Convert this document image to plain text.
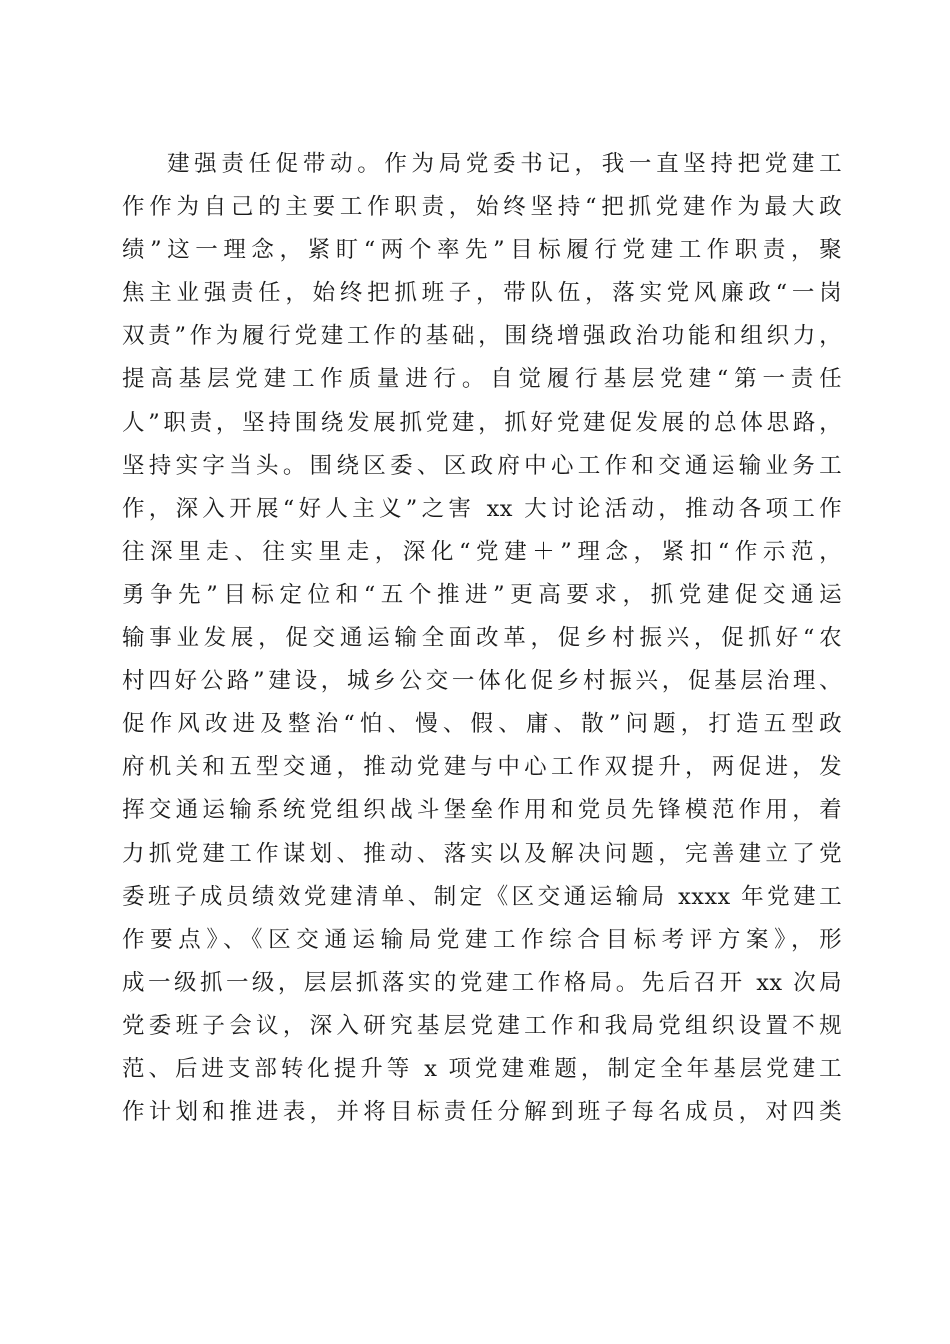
建强责任促带动。作为局党委书记，我一直坚持把党建工
作作为自己的主要工作职责，始终坚持“把抓党建作为最大政
绩”这一理念，紧盯“两个率先”目标履行党建工作职责，聚
焦主业强责任，始终把抓班子，带队伍，落实党风廉政“一岗
双责”作为履行党建工作的基础，围绕增强政治功能和组织力，
提高基层党建工作质量进行。自觉履行基层党建“第一责任
人”职责，坚持围绕发展抓党建，抓好党建促发展的总体思路，
坚持实字当头。围绕区委、区政府中心工作和交通运输业务工
作，深入开展“好人主义”之害 xx 大讨论活动，推动各项工作
往深里走、往实里走，深化“党建＋”理念，紧扣“作示范，
勇争先”目标定位和“五个推进”更高要求，抓党建促交通运
输事业发展，促交通运输全面改革，促乡村振兴，促抓好“农
村四好公路”建设，城乡公交一体化促乡村振兴，促基层治理、
促作风改进及整治“怕、慢、假、庸、散”问题，打造五型政
府机关和五型交通，推动党建与中心工作双提升，两促进，发
挥交通运输系统党组织战斗堡垒作用和党员先锋模范作用，着
力抓党建工作谋划、推动、落实以及解决问题，完善建立了党
委班子成员绩效党建清单、制定《区交通运输局 xxxx 年党建工
作要点》、《区交通运输局党建工作综合目标考评方案》，形
成一级抓一级，层层抓落实的党建工作格局。先后召开 xx 次局
党委班子会议，深入研究基层党建工作和我局党组织设置不规
范、后进支部转化提升等 x 项党建难题，制定全年基层党建工
作计划和推进表，并将目标责任分解到班子每名成员，对四类
